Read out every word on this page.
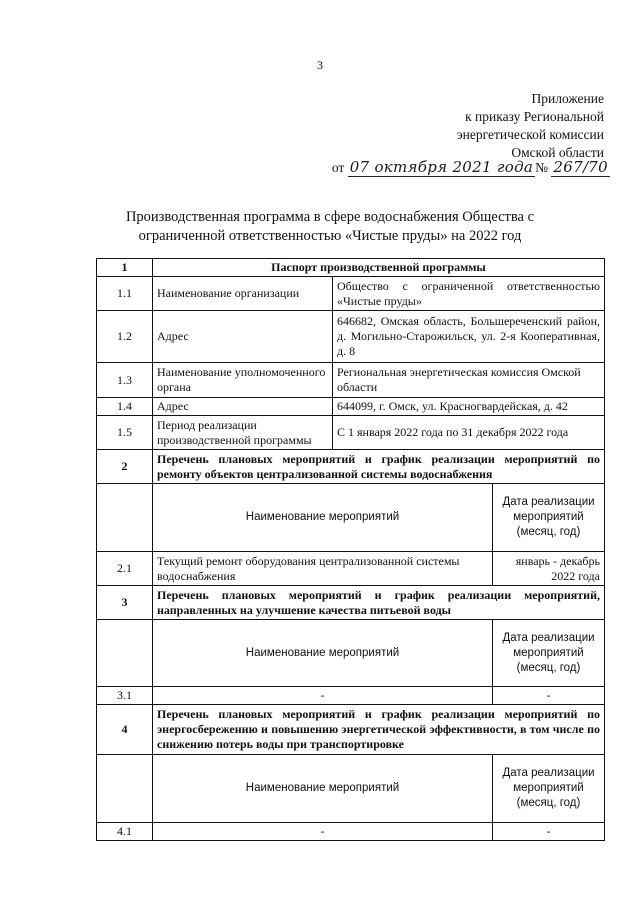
3
Приложение
к приказу Региональной
энергетической комиссии
Омской области
от 07 октября 2021 года № 267/70
Производственная программа в сфере водоснабжения Общества с ограниченной ответственностью «Чистые пруды» на 2022 год
1	Паспорт производственной программы		
1.1	Наименование организации	Общество с ограниченной ответственностью «Чистые пруды»	
1.2	Адрес	646682, Омская область, Большереченский район, д. Могильно-Старожильск, ул. 2-я Кооперативная, д. 8	
1.3	Наименование уполномоченного органа	Региональная энергетическая комиссия Омской области	
1.4	Адрес	644099, г. Омск, ул. Красногвардейская, д. 42	
1.5	Период реализации производственной программы	С 1 января 2022 года по 31 декабря 2022 года	
2	Перечень плановых мероприятий и график реализации мероприятий по ремонту объектов централизованной системы водоснабжения		
	Наименование мероприятий		Дата реализации мероприятий (месяц, год)
2.1	Текущий ремонт оборудования централизованной системы водоснабжения		январь - декабрь 2022 года
3	Перечень плановых мероприятий и график реализации мероприятий, направленных на улучшение качества питьевой воды		
	Наименование мероприятий		Дата реализации мероприятий (месяц, год)
3.1	-		-
4	Перечень плановых мероприятий и график реализации мероприятий по энергосбережению и повышению энергетической эффективности, в том числе по снижению потерь воды при транспортировке		
	Наименование мероприятий		Дата реализации мероприятий (месяц, год)
4.1	-		-
